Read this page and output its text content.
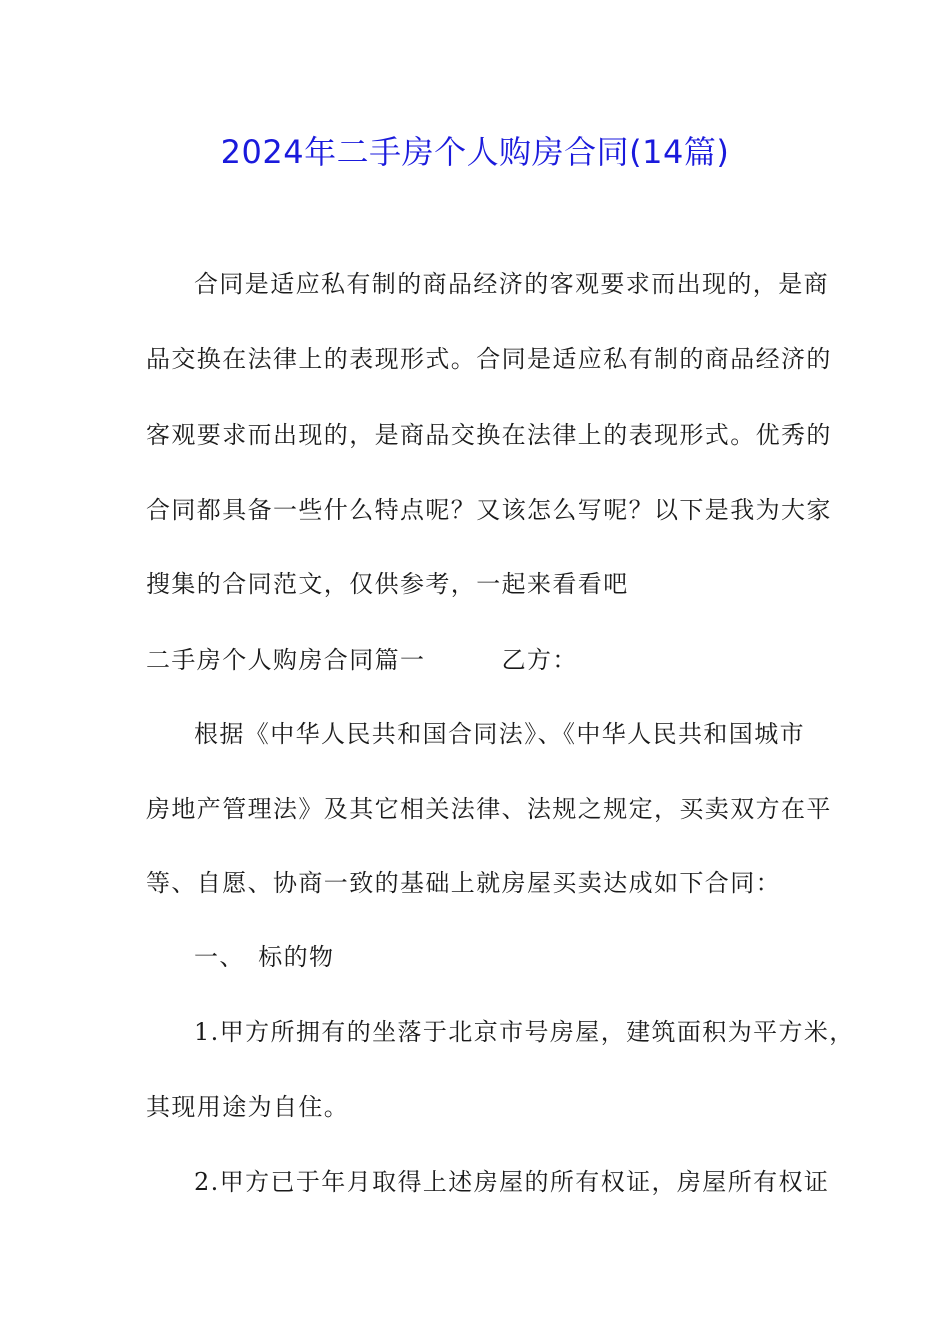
2024年二手房个人购房合同(14篇)
合同是适应私有制的商品经济的客观要求而出现的，是商
品交换在法律上的表现形式。合同是适应私有制的商品经济的
客观要求而出现的，是商品交换在法律上的表现形式。优秀的
合同都具备一些什么特点呢？又该怎么写呢？以下是我为大家
搜集的合同范文，仅供参考，一起来看看吧
二手房个人购房合同篇一　　　乙方：
根据《中华人民共和国合同法》、《中华人民共和国城市
房地产管理法》及其它相关法律、法规之规定，买卖双方在平
等、自愿、协商一致的基础上就房屋买卖达成如下合同：
一、　标的物
1.甲方所拥有的坐落于北京市号房屋，建筑面积为平方米，
其现用途为自住。
2.甲方已于年月取得上述房屋的所有权证，房屋所有权证
